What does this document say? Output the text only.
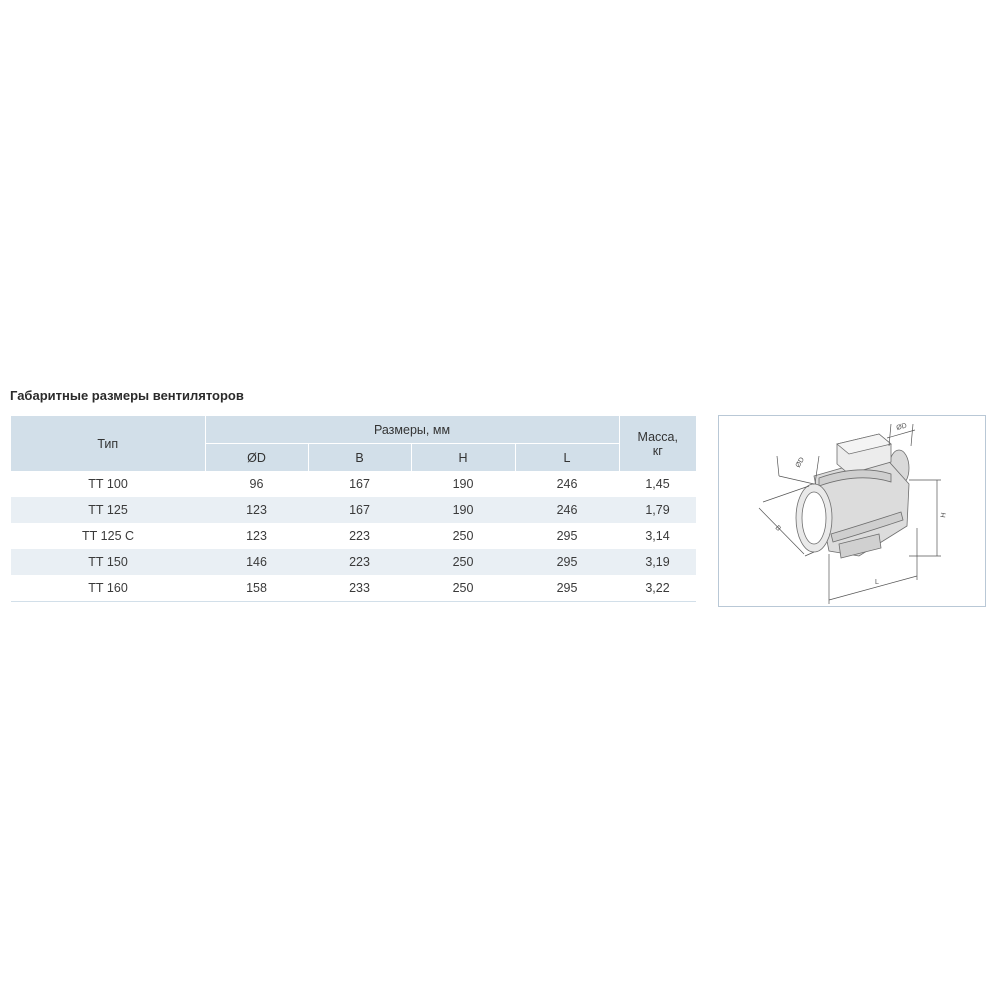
Габаритные размеры вентиляторов
Тип	Размеры, мм				Масса,
кг
	ØD	B	H	L	
ТТ 100	96	167	190	246	1,45
ТТ 125	123	167	190	246	1,79
ТТ 125 С	123	223	250	295	3,14
ТТ 150	146	223	250	295	3,19
ТТ 160	158	233	250	295	3,22
ØD
ØD
B
H
L
